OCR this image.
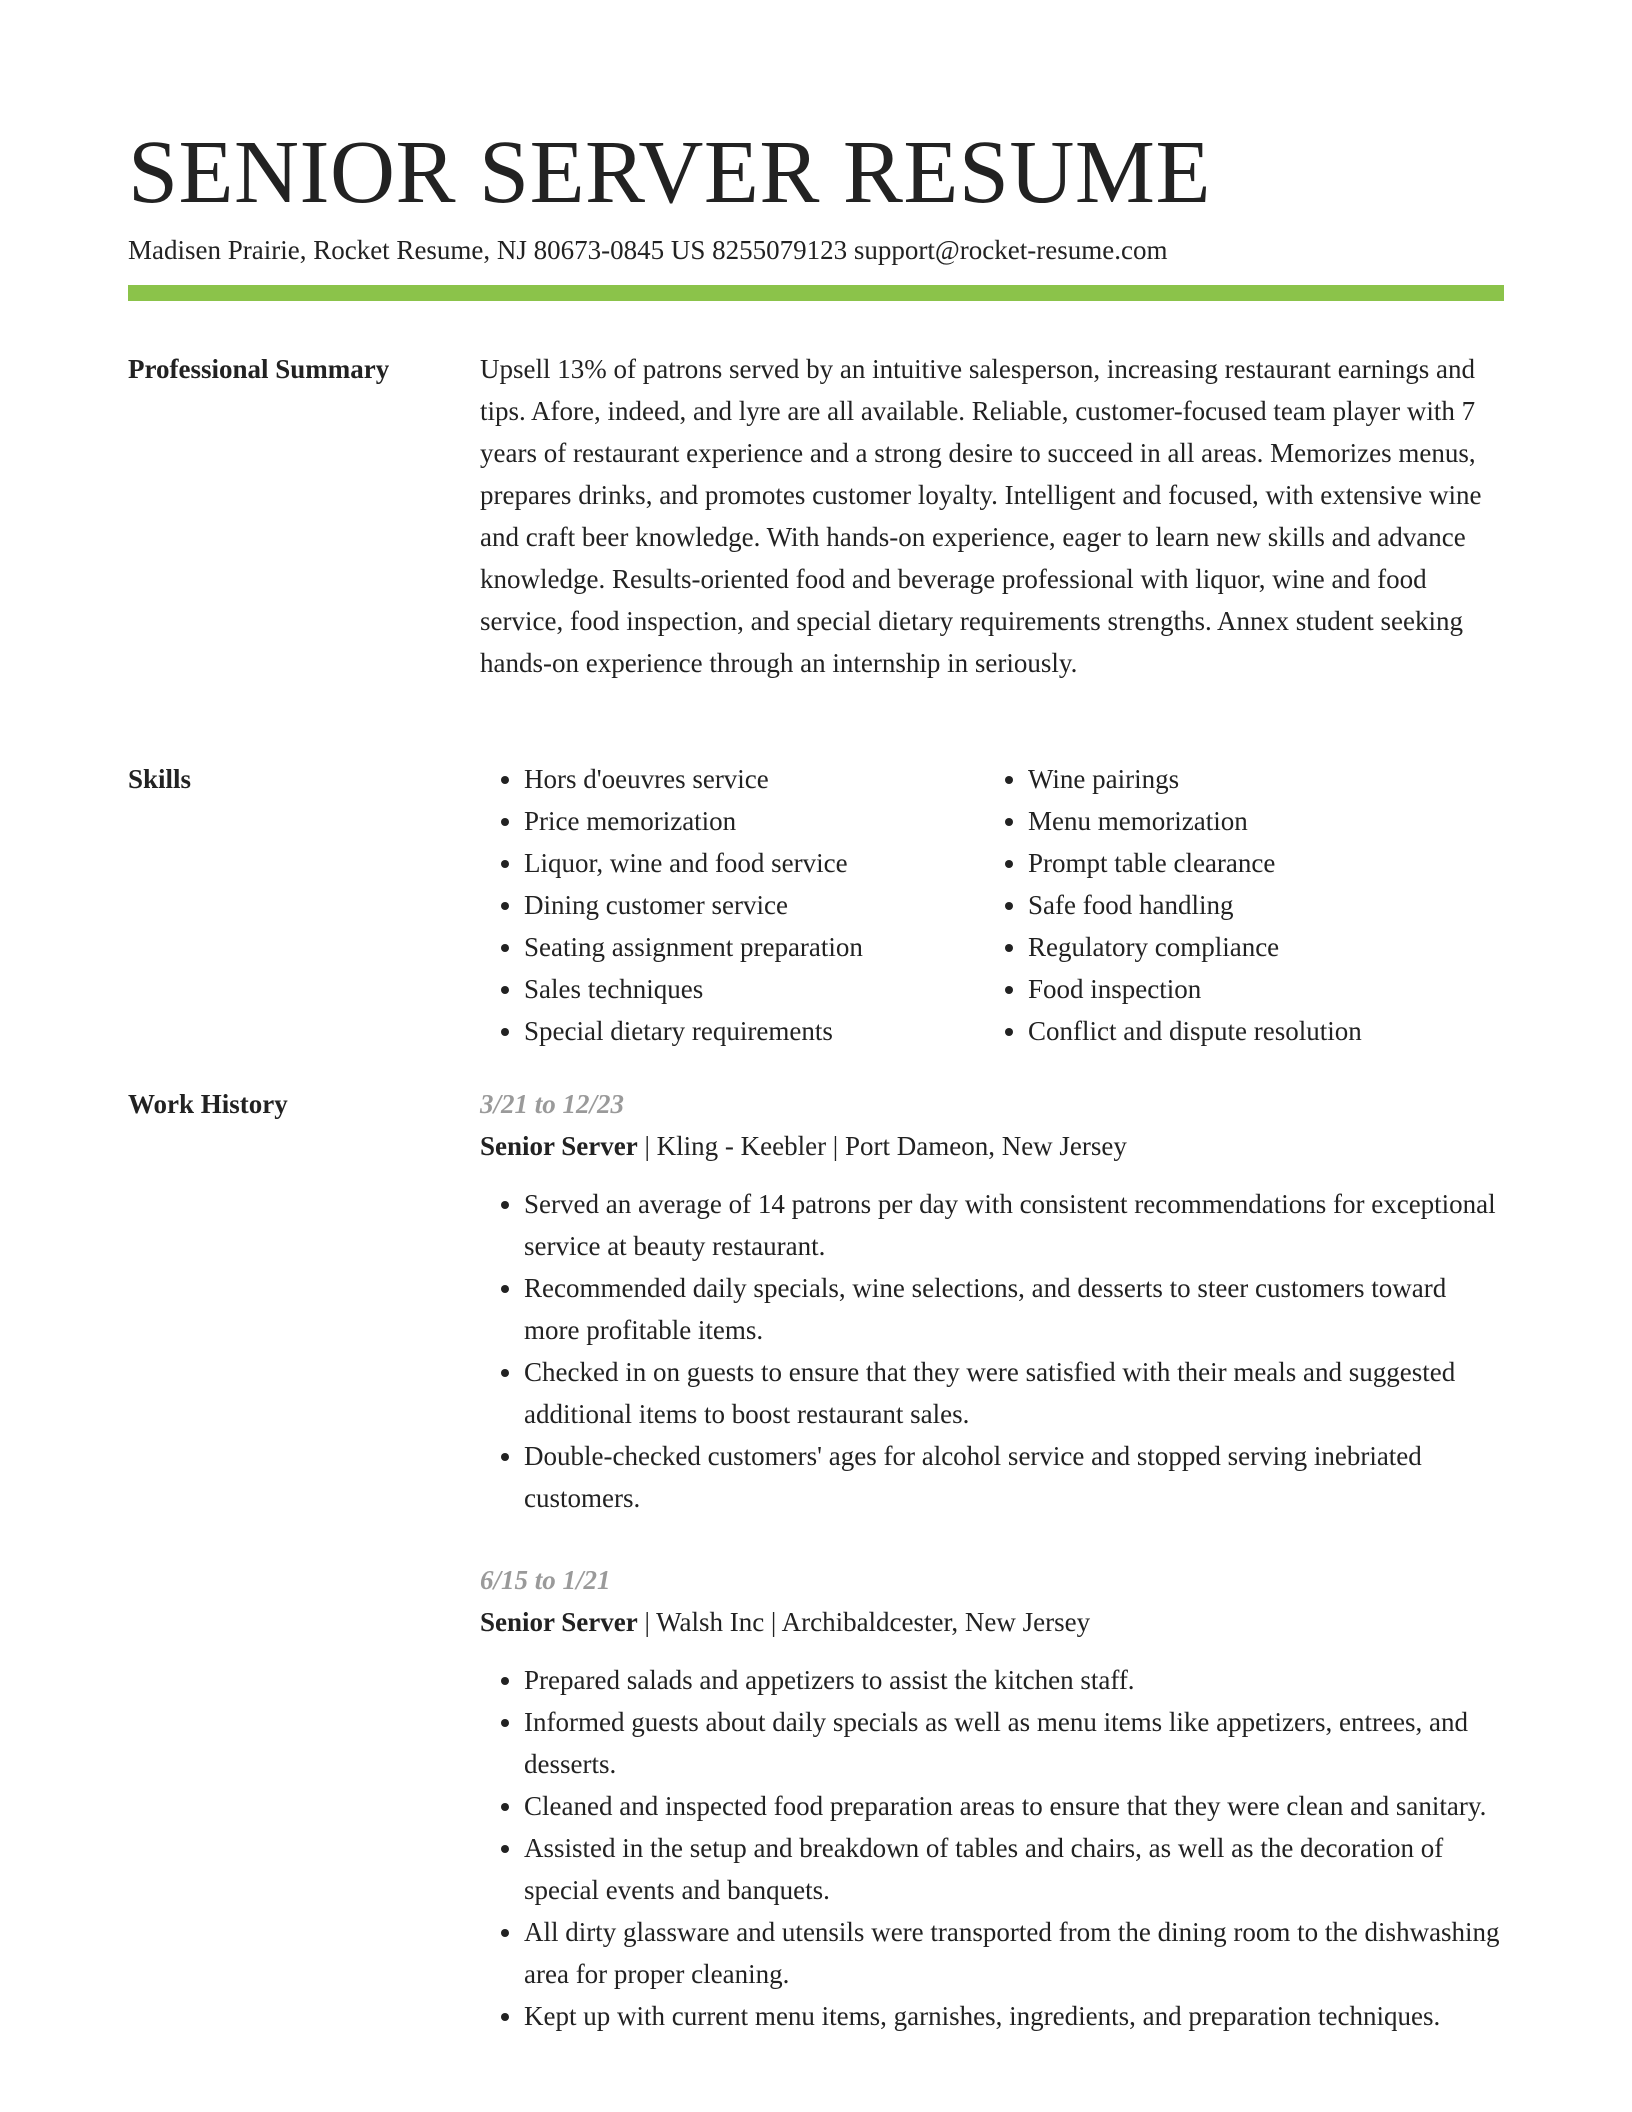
SENIOR SERVER RESUME
Madisen Prairie, Rocket Resume, NJ 80673-0845 US 8255079123 support@rocket-resume.com
Professional Summary	Upsell 13% of patrons served by an intuitive salesperson, increasing restaurant earnings and tips. Afore, indeed, and lyre are all available. Reliable, customer-focused team player with 7 years of restaurant experience and a strong desire to succeed in all areas. Memorizes menus, prepares drinks, and promotes customer loyalty. Intelligent and focused, with extensive wine and craft beer knowledge. With hands-on experience, eager to learn new skills and advance knowledge. Results-oriented food and beverage professional with liquor, wine and food service, food inspection, and special dietary requirements strengths. Annex student seeking hands-on experience through an internship in seriously.

Skills
•	Hors d'oeuvres service
• Price memorization
• Liquor, wine and food service
• Dining customer service
• Seating assignment preparation
• Sales techniques
• Special dietary requirements
• Wine pairings
• Menu memorization
• Prompt table clearance
• Safe food handling
• Regulatory compliance
• Food inspection
• Conflict and dispute resolution
Work History	3/21 to 12/23
Senior Server | Kling - Keebler | Port Dameon, New Jersey
• Served an average of 14 patrons per day with consistent recommendations for exceptional service at beauty restaurant.
• Recommended daily specials, wine selections, and desserts to steer customers toward more profitable items.
• Checked in on guests to ensure that they were satisfied with their meals and suggested additional items to boost restaurant sales.
• Double-checked customers' ages for alcohol service and stopped serving inebriated customers.
6/15 to 1/21
Senior Server | Walsh Inc | Archibaldcester, New Jersey
• Prepared salads and appetizers to assist the kitchen staff.
• Informed guests about daily specials as well as menu items like appetizers, entrees, and desserts.
• Cleaned and inspected food preparation areas to ensure that they were clean and sanitary.
• Assisted in the setup and breakdown of tables and chairs, as well as the decoration of special events and banquets.
• All dirty glassware and utensils were transported from the dining room to the dishwashing area for proper cleaning.
• Kept up with current menu items, garnishes, ingredients, and preparation techniques.
